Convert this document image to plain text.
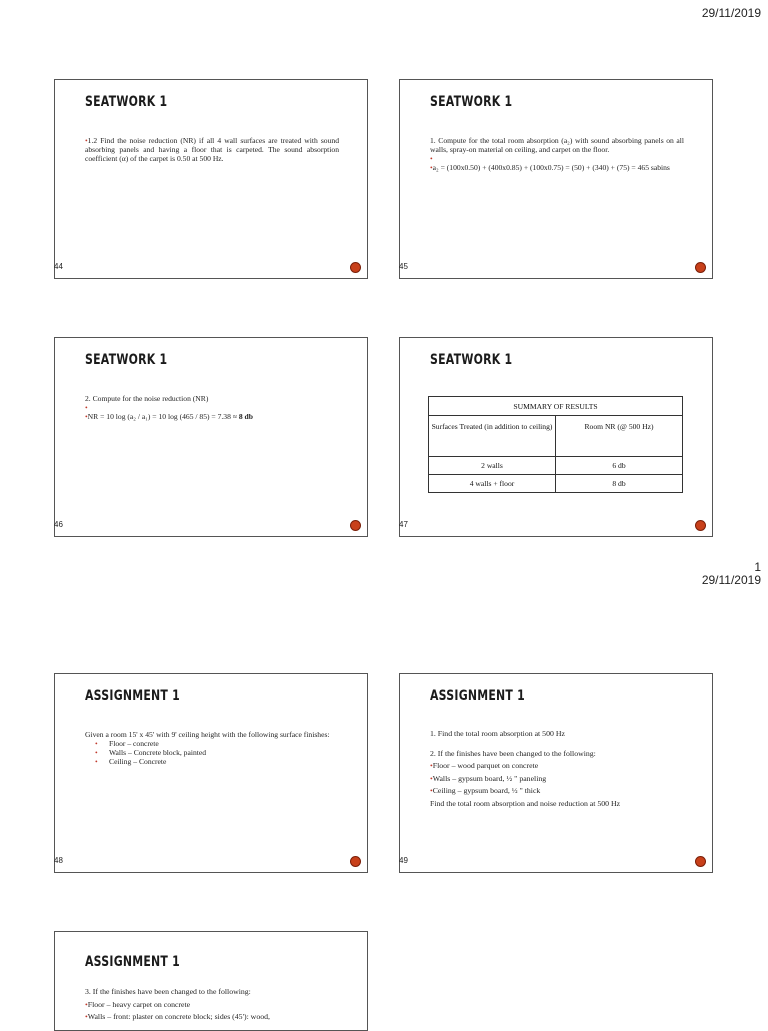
29/11/2019
1
29/11/2019
SEATWORK 1

•1.2 Find the noise reduction (NR) if all 4 wall surfaces are treated with sound absorbing panels and having a floor that is carpeted. The sound absorption coefficient (α) of the carpet is 0.50 at 500 Hz.

44
SEATWORK 1

1. Compute for the total room absorption (a₂) with sound absorbing panels on all walls, spray-on material on ceiling, and carpet on the floor.

•

•a₂ = (100x0.50) + (400x0.85) + (100x0.75) = (50) + (340) + (75) = 465 sabins

45
SEATWORK 1

2. Compute for the noise reduction (NR)

•

•NR = 10 log (a₂ / a₁) = 10 log (465 / 85) = 7.38 ≈ 8 db

46
SEATWORK 1
SUMMARY OF RESULTS	
Surfaces Treated (in addition to ceiling)	Room NR (@ 500 Hz)
2 walls	6 db
4 walls + floor	8 db
47
ASSIGNMENT 1

Given a room 15' x 45' with 9' ceiling height with the following surface finishes:

• Floor – concrete

• Walls – Concrete block, painted

• Ceiling – Concrete

48
ASSIGNMENT 1

1. Find the total room absorption at 500 Hz

2. If the finishes have been changed to the following:

•Floor – wood parquet on concrete

•Walls – gypsum board, ½ " paneling

•Ceiling – gypsum board, ½ " thick

Find the total room absorption and noise reduction at 500 Hz

49
ASSIGNMENT 1

3. If the finishes have been changed to the following:

•Floor – heavy carpet on concrete

•Walls – front: plaster on concrete block; sides (45'): wood,
